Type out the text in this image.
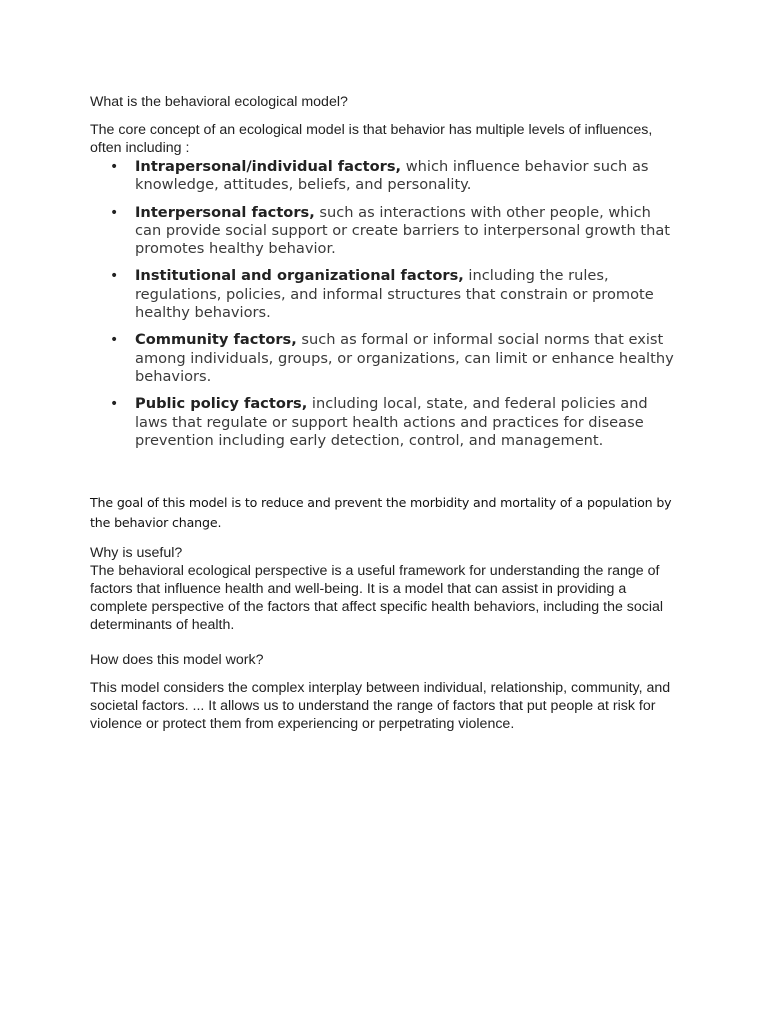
What is the behavioral ecological model?

The core concept of an ecological model is that behavior has multiple levels of influences, often including :

• Intrapersonal/individual factors, which influence behavior such as knowledge, attitudes, beliefs, and personality.
• Interpersonal factors, such as interactions with other people, which can provide social support or create barriers to interpersonal growth that promotes healthy behavior.
• Institutional and organizational factors, including the rules, regulations, policies, and informal structures that constrain or promote healthy behaviors.
• Community factors, such as formal or informal social norms that exist among individuals, groups, or organizations, can limit or enhance healthy behaviors.
• Public policy factors, including local, state, and federal policies and laws that regulate or support health actions and practices for disease prevention including early detection, control, and management.

The goal of this model is to reduce and prevent the morbidity and mortality of a population by the behavior change.

Why is useful?
The behavioral ecological perspective is a useful framework for understanding the range of factors that influence health and well-being. It is a model that can assist in providing a complete perspective of the factors that affect specific health behaviors, including the social determinants of health.

How does this model work?

This model considers the complex interplay between individual, relationship, community, and societal factors. ... It allows us to understand the range of factors that put people at risk for violence or protect them from experiencing or perpetrating violence.
